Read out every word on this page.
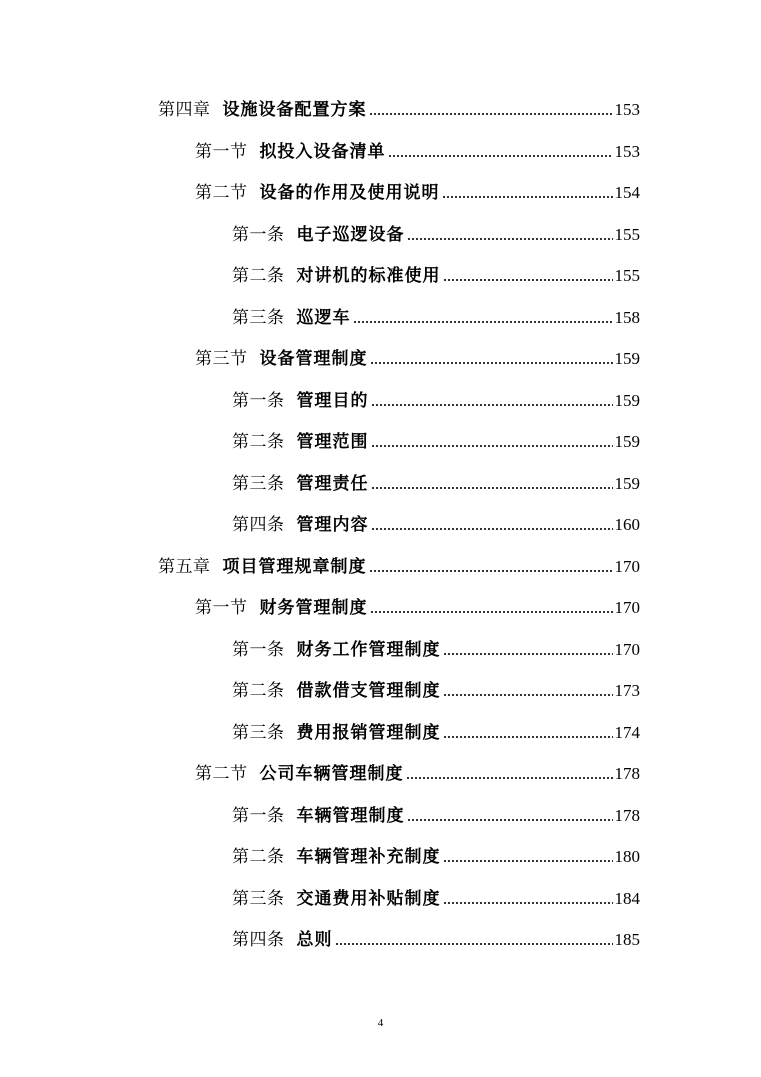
第四章 设施设备配置方案	153
第一节 拟投入设备清单	153
第二节 设备的作用及使用说明	154
第一条 电子巡逻设备	155
第二条 对讲机的标准使用	155
第三条 巡逻车	158
第三节 设备管理制度	159
第一条 管理目的	159
第二条 管理范围	159
第三条 管理责任	159
第四条 管理内容	160
第五章 项目管理规章制度	170
第一节 财务管理制度	170
第一条 财务工作管理制度	170
第二条 借款借支管理制度	173
第三条 费用报销管理制度	174
第二节 公司车辆管理制度	178
第一条 车辆管理制度	178
第二条 车辆管理补充制度	180
第三条 交通费用补贴制度	184
第四条 总则	185
4
